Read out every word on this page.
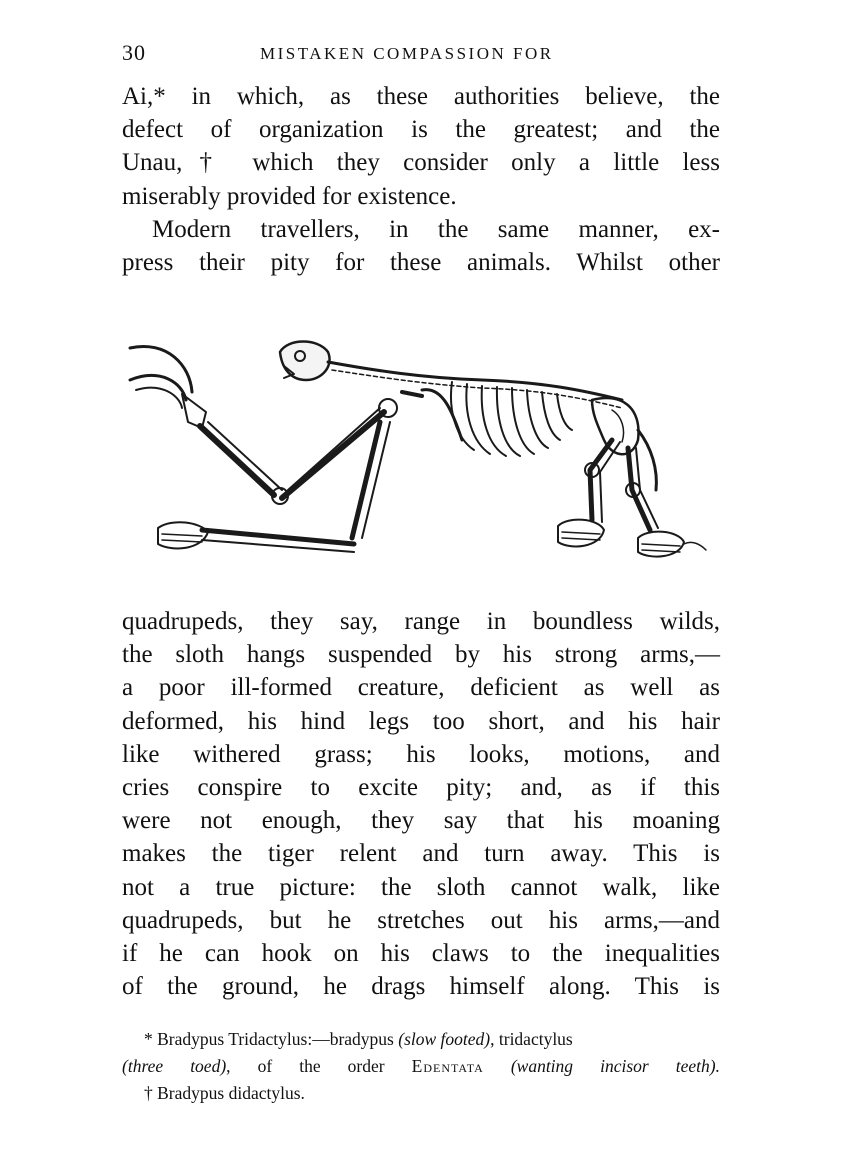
30	MISTAKEN COMPASSION FOR
Ai,* in which, as these authorities believe, the
defect of organization is the greatest; and the
Unau,† which they consider only a little less
miserably provided for existence.
Modern travellers, in the same manner, ex-
press their pity for these animals. Whilst other
quadrupeds, they say, range in boundless wilds,
the sloth hangs suspended by his strong arms,—
a poor ill-formed creature, deficient as well as
deformed, his hind legs too short, and his hair
like withered grass; his looks, motions, and
cries conspire to excite pity; and, as if this
were not enough, they say that his moaning
makes the tiger relent and turn away. This is
not a true picture: the sloth cannot walk, like
quadrupeds, but he stretches out his arms,—and
if he can hook on his claws to the inequalities
of the ground, he drags himself along. This is
* Bradypus Tridactylus:—bradypus (slow footed), tridactylus
(three toed), of the order Edentata (wanting incisor teeth).
† Bradypus didactylus.
